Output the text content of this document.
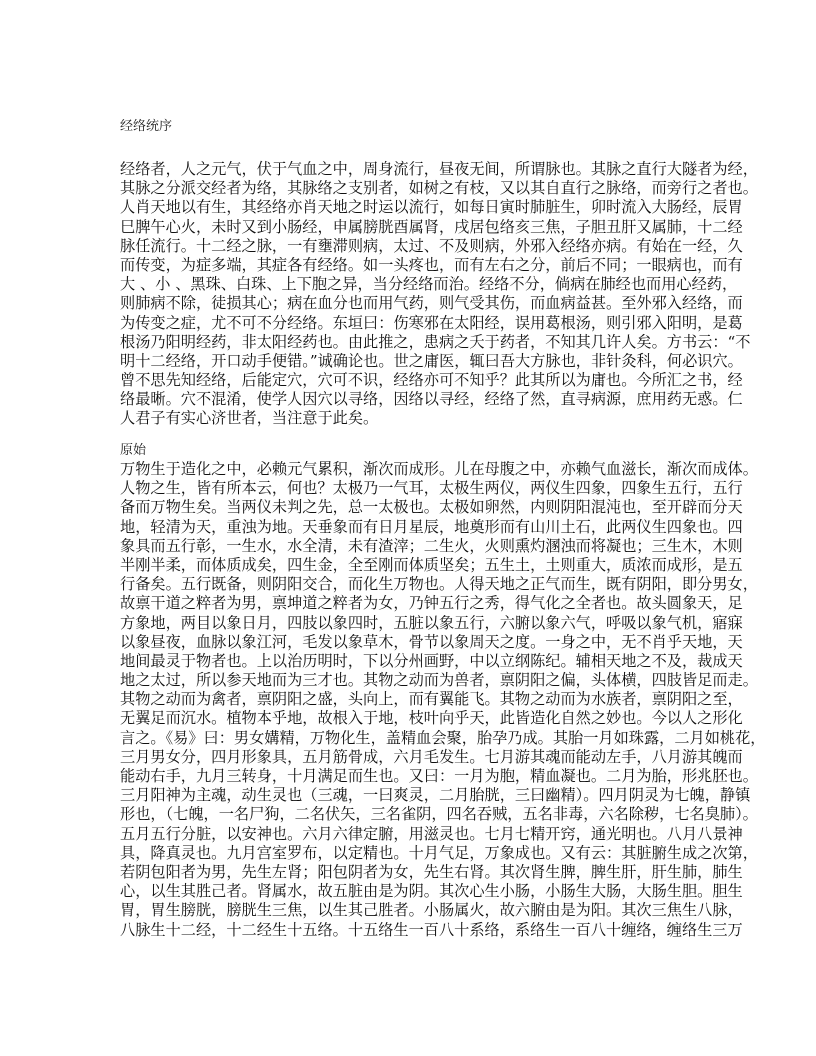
经络统序
经络者，人之元气，伏于气血之中，周身流行，昼夜无间，所谓脉也。其脉之直行大隧者为经，
其脉之分派交经者为络，其脉络之支别者，如树之有枝，又以其自直行之脉络，而旁行之者也。
人肖天地以有生，其经络亦肖天地之时运以流行，如每日寅时肺脏生，卯时流入大肠经，辰胃
巳脾午心火，未时又到小肠经，申属膀胱酉属肾，戌居包络亥三焦，子胆丑肝又属肺，十二经
脉任流行。十二经之脉，一有壅滞则病，太过、不及则病，外邪入经络亦病。有始在一经，久
而传变，为症多端，其症各有经络。如一头疼也，而有左右之分，前后不同；一眼病也，而有
大 、小 、黑珠、白珠、上下胞之异，当分经络而治。经络不分，倘病在肺经也而用心经药，
则肺病不除，徒损其心；病在血分也而用气药，则气受其伤，而血病益甚。至外邪入经络，而
为传变之症，尤不可不分经络。东垣曰：伤寒邪在太阳经，误用葛根汤，则引邪入阳明，是葛
根汤乃阳明经药，非太阳经药也。由此推之，患病之夭于药者，不知其几许人矣。方书云：“不
明十二经络，开口动手便错。”诚确论也。世之庸医，辄曰吾大方脉也，非针灸科，何必识穴。
曾不思先知经络，后能定穴，穴可不识，经络亦可不知乎？此其所以为庸也。今所汇之书，经
络最晰。穴不混淆，使学人因穴以寻络，因络以寻经，经络了然，直寻病源，庶用药无惑。仁
人君子有实心济世者，当注意于此矣。
原始
万物生于造化之中，必赖元气累积，渐次而成形。儿在母腹之中，亦赖气血滋长，渐次而成体。
人物之生，皆有所本云，何也？太极乃一气耳，太极生两仪，两仪生四象，四象生五行，五行
备而万物生矣。当两仪未判之先，总一太极也。太极如卵然，内则阴阳混沌也，至开辟而分天
地，轻清为天，重浊为地。天垂象而有日月星辰，地奠形而有山川土石，此两仪生四象也。四
象具而五行彰，一生水，水全清，未有渣滓；二生火，火则熏灼溷浊而将凝也；三生木，木则
半刚半柔，而体质成矣，四生金，全至刚而体质坚矣；五生土，土则重大，质浓而成形，是五
行备矣。五行既备，则阴阳交合，而化生万物也。人得天地之正气而生，既有阴阳，即分男女，
故禀干道之粹者为男，禀坤道之粹者为女，乃钟五行之秀，得气化之全者也。故头圆象天，足
方象地，两目以象日月，四肢以象四时，五脏以象五行，六腑以象六气，呼吸以象气机，寤寐
以象昼夜，血脉以象江河，毛发以象草木，骨节以象周天之度。一身之中，无不肖乎天地，天
地间最灵于物者也。上以治历明时，下以分州画野，中以立纲陈纪。辅相天地之不及，裁成天
地之太过，所以参天地而为三才也。其物之动而为兽者，禀阴阳之偏，头体横，四肢皆足而走。
其物之动而为禽者，禀阴阳之盛，头向上，而有翼能飞。其物之动而为水族者，禀阴阳之至，
无翼足而沉水。植物本乎地，故根入于地，枝叶向乎天，此皆造化自然之妙也。今以人之形化
言之。《易》曰：男女媾精，万物化生，盖精血会聚，胎孕乃成。其胎一月如珠露，二月如桃花，
三月男女分，四月形象具，五月筋骨成，六月毛发生。七月游其魂而能动左手，八月游其魄而
能动右手，九月三转身，十月满足而生也。又曰：一月为胞，精血凝也。二月为胎，形兆胚也。
三月阳神为主魂，动生灵也（三魂，一曰爽灵，二月胎胱，三曰幽精）。四月阴灵为七魄，静镇
形也，（七魄，一名尸狗，二名伏矢，三名雀阴，四名吞贼，五名非毒，六名除秽，七名臭肺）。
五月五行分脏，以安神也。六月六律定腑，用滋灵也。七月七精开窍，通光明也。八月八景神
具，降真灵也。九月宫室罗布，以定精也。十月气足，万象成也。又有云：其脏腑生成之次第，
若阴包阳者为男，先生左肾；阳包阴者为女，先生右肾。其次肾生脾，脾生肝，肝生肺，肺生
心，以生其胜己者。肾属水，故五脏由是为阴。其次心生小肠，小肠生大肠，大肠生胆。胆生
胃，胃生膀胱，膀胱生三焦，以生其己胜者。小肠属火，故六腑由是为阳。其次三焦生八脉，
八脉生十二经，十二经生十五络。十五络生一百八十系络，系络生一百八十缠络，缠络生三万
